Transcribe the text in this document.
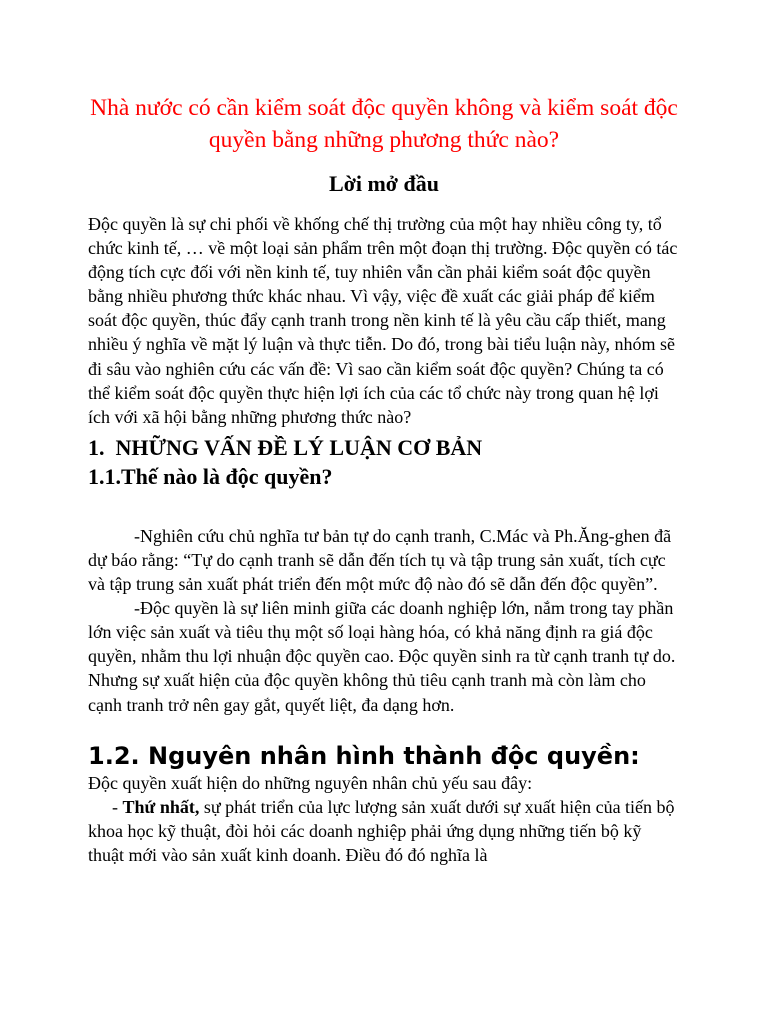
Nhà nước có cần kiểm soát độc quyền không và kiểm soát độc quyền bằng những phương thức nào?
Lời mở đầu

Độc quyền là sự chi phối về khống chế thị trường của một hay nhiều công ty, tổ chức kinh tế, … về một loại sản phẩm trên một đoạn thị trường. Độc quyền có tác động tích cực đối với nền kinh tế, tuy nhiên vẫn cần phải kiểm soát độc quyền bằng nhiều phương thức khác nhau. Vì vậy, việc đề xuất các giải pháp để kiểm soát độc quyền, thúc đẩy cạnh tranh trong nền kinh tế là yêu cầu cấp thiết, mang nhiều ý nghĩa về mặt lý luận và thực tiễn. Do đó, trong bài tiểu luận này, nhóm sẽ đi sâu vào nghiên cứu các vấn đề: Vì sao cần kiểm soát độc quyền? Chúng ta có thể kiểm soát độc quyền thực hiện lợi ích của các tổ chức này trong quan hệ lợi ích với xã hội bằng những phương thức nào?

1.  NHỮNG VẤN ĐỀ LÝ LUẬN CƠ BẢN
1.1.Thế nào là độc quyền?

-Nghiên cứu chủ nghĩa tư bản tự do cạnh tranh, C.Mác và Ph.Ăng-ghen đã dự báo rằng: “Tự do cạnh tranh sẽ dẫn đến tích tụ và tập trung sản xuất, tích cực và tập trung sản xuất phát triển đến một mức độ nào đó sẽ dẫn đến độc quyền”.

-Độc quyền là sự liên minh giữa các doanh nghiệp lớn, nắm trong tay phần lớn việc sản xuất và tiêu thụ một số loại hàng hóa, có khả năng định ra giá độc quyền, nhằm thu lợi nhuận độc quyền cao. Độc quyền sinh ra từ cạnh tranh tự do. Nhưng sự xuất hiện của độc quyền không thủ tiêu cạnh tranh mà còn làm cho cạnh tranh trở nên gay gắt, quyết liệt, đa dạng hơn.

1.2. Nguyên nhân hình thành độc quyền:

Độc quyền xuất hiện do những nguyên nhân chủ yếu sau đây:

- Thứ nhất, sự phát triển của lực lượng sản xuất dưới sự xuất hiện của tiến bộ khoa học kỹ thuật, đòi hỏi các doanh nghiệp phải ứng dụng những tiến bộ kỹ thuật mới vào sản xuất kinh doanh. Điều đó đó nghĩa là
